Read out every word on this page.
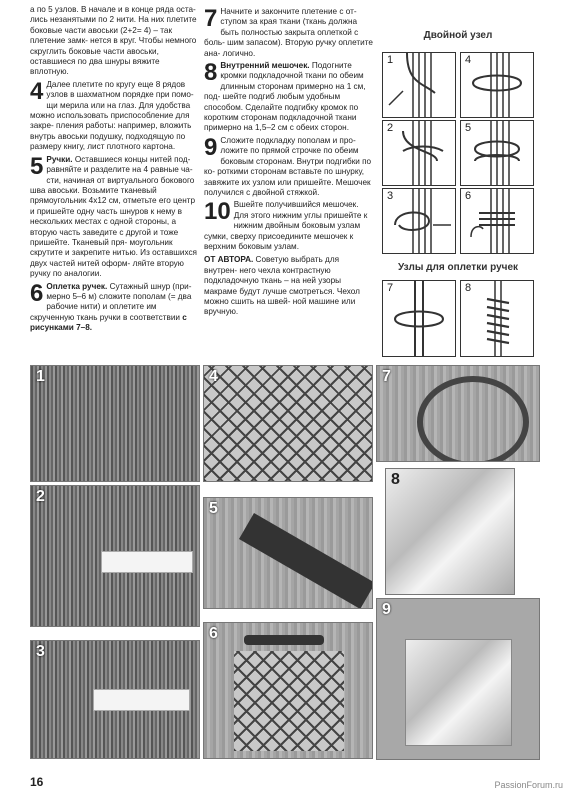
а по 5 узлов. В начале и в конце ряда оста- лись незанятыми по 2 нити. На них плетите боковые части авоськи (2+2= 4) – так плетение замк- нется в круг. Чтобы немного скруглить боковые части авоськи, оставшиеся по два шнуры вяжите вплотную.

4 Далее плетите по кругу еще 8 рядов узлов в шахматном порядке при помо- щи мерила или на глаз. Для удобства можно использовать приспособление для закре- пления работы: например, вложить внутрь авоськи подушку, подходящую по размеру книгу, лист плотного картона.
5 Ручки. Оставшиеся концы нитей под- равняйте и разделите на 4 равные ча- сти, начиная от виртуального бокового шва авоськи. Возьмите тканевый прямоугольник 4x12 см, отметьте его центр и пришейте одну часть шнуров к нему в нескольких местах с одной стороны, а вторую часть заведите с другой и тоже пришейте. Тканевый пря- моугольник скрутите и закрепите нитью. Из оставшихся двух частей нитей оформ- ляйте вторую ручку по аналогии.
6 Оплетка ручек. Сутажный шнур (при- мерно 5–6 м) сложите пополам (= два рабочие нити) и оплетите им скрученную ткань ручки в соответствии с рисунками 7–8.
7 Начните и закончите плетение с от- ступом за края ткани (ткань должна быть полностью закрыта оплеткой с боль- шим запасом). Вторую ручку оплетите ана- логично.
8 Внутренний мешочек. Подогните кромки подкладочной ткани по обеим длинным сторонам примерно на 1 см, под- шейте подгиб любым удобным способом. Сделайте подгибку кромок по коротким сторонам подкладочной ткани примерно на 1,5–2 см с обеих сторон.
9 Сложите подкладку пополам и про- ложите по прямой строчке по обеим боковым сторонам. Внутри подгибки по ко- роткими сторонам вставьте по шнурку, завяжите их узлом или пришейте. Мешочек получился с двойной стяжкой.
10 Вшейте получившийся мешочек. Для этого нижним углы пришейте к нижним двойным боковым узлам сумки, сверху присоедините мешочек к верхним боковым узлам.

ОТ АВТОРА. Советую выбрать для внутрен- него чехла контрастную подкладочную ткань – на ней узоры макраме будут лучше смотреться. Чехол можно сшить на швей- ной машине или вручную.

Двойной узел
1	4
2	5
3	6
Узлы для оплетки ручек
7	8
1	4	7
2
5
8
3
6
9
16	PassionForum.ru
